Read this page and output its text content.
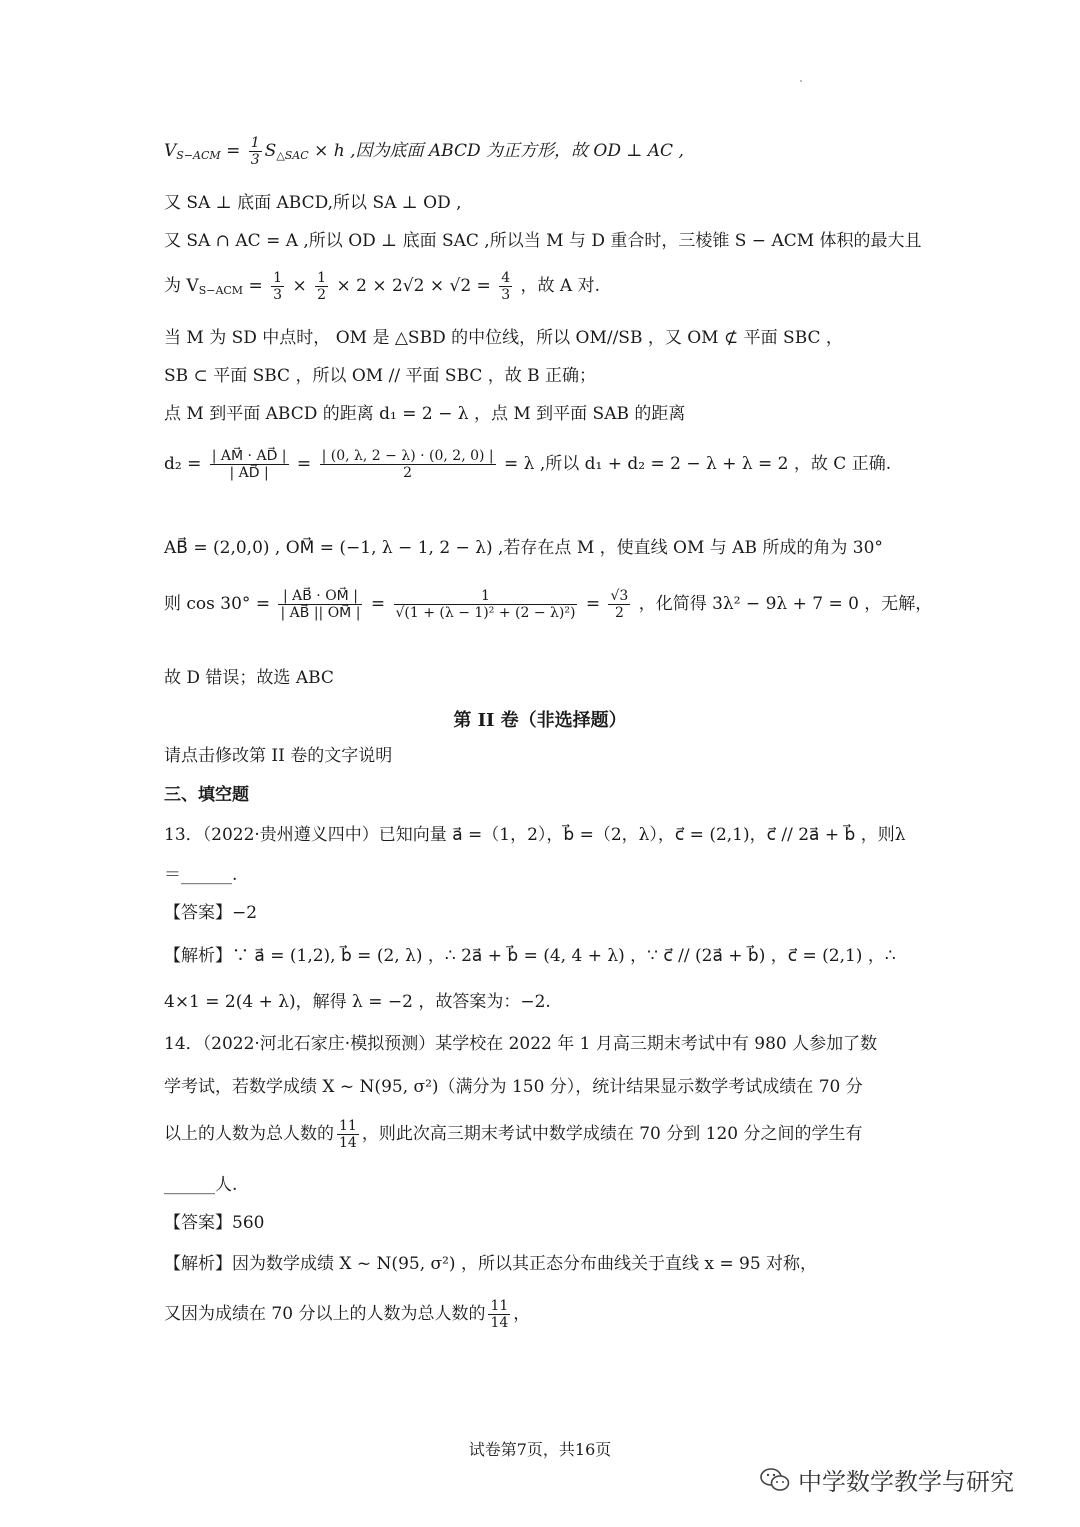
$V_{S-ACM} = \frac{1}{3} S_{\triangle SAC} \times h$ ,因为底面 ABCD 为正方形，故 OD ⊥ AC ,
又 SA ⊥ 底面 ABCD,所以 SA ⊥ OD ,
又 SA ∩ AC = A ,所以 OD ⊥ 底面 SAC ,所以当 M 与 D 重合时，三棱锥 S − ACM 体积的最大且
为 $V_{S-ACM} = \frac{1}{3} \times \frac{1}{2} \times 2 \times 2√2 \times √2 = \frac{4}{3}$ ，故 A 对.
当 M 为 SD 中点时， OM 是 △SBD 的中位线，所以 OM//SB ，又 OM ⊄ 平面 SBC ，
SB ⊂ 平面 SBC ，所以 OM // 平面 SBC ，故 B 正确；
点 M 到平面 ABCD 的距离 d₁ = 2 − λ ，点 M 到平面 SAB 的距离
$d_2 = \frac{| AM⃗ \cdot AD⃗ |}{| AD⃗ |} = \frac{| (0, \lambda, 2 - \lambda) \cdot (0, 2, 0) |}{2} = \lambda$ ,所以 d₁ + d₂ = 2 − λ + λ = 2 ，故 C 正确.
AB⃗ = (2,0,0) , OM⃗ = (−1, λ − 1, 2 − λ) ,若存在点 M ，使直线 OM 与 AB 所成的角为 30°
则 $\cos 30^\circ = \frac{| AB⃗ \cdot OM⃗ |}{| AB⃗ || OM⃗ |} = \frac{1}{\text{√(1 + (λ − 1)² + (2 − λ)²)}} = \frac{√3}{2}$ ，化简得 3λ² − 9λ + 7 = 0 ，无解，
故 D 错误；故选 ABC
第 II 卷（非选择题）
请点击修改第 II 卷的文字说明
三、填空题
13．（2022·贵州遵义四中）已知向量 a⃗ =（1，2），b⃗ =（2，λ），c⃗ = (2,1)，c⃗ // 2a⃗ + b⃗ ，则λ
＝______.
【答案】−2
【解析】∵ a⃗ = (1,2), b⃗ = (2, λ) ，∴ 2a⃗ + b⃗ = (4, 4 + λ) ，∵ c⃗ // (2a⃗ + b⃗) ，c⃗ = (2,1) ，∴
4×1 = 2(4 + λ)，解得 λ = −2 ，故答案为：−2.
14．（2022·河北石家庄·模拟预测）某学校在 2022 年 1 月高三期末考试中有 980 人参加了数
学考试，若数学成绩 X ~ N(95, σ²)（满分为 150 分），统计结果显示数学考试成绩在 70 分
以上的人数为总人数的 $\frac{11}{14}$ ，则此次高三期末考试中数学成绩在 70 分到 120 分之间的学生有
______人.
【答案】560
【解析】因为数学成绩 X ~ N(95, σ²) ，所以其正态分布曲线关于直线 x = 95 对称，
又因为成绩在 70 分以上的人数为总人数的 $\frac{11}{14}$ ，
试卷第7页，共16页
中学数学教学与研究
